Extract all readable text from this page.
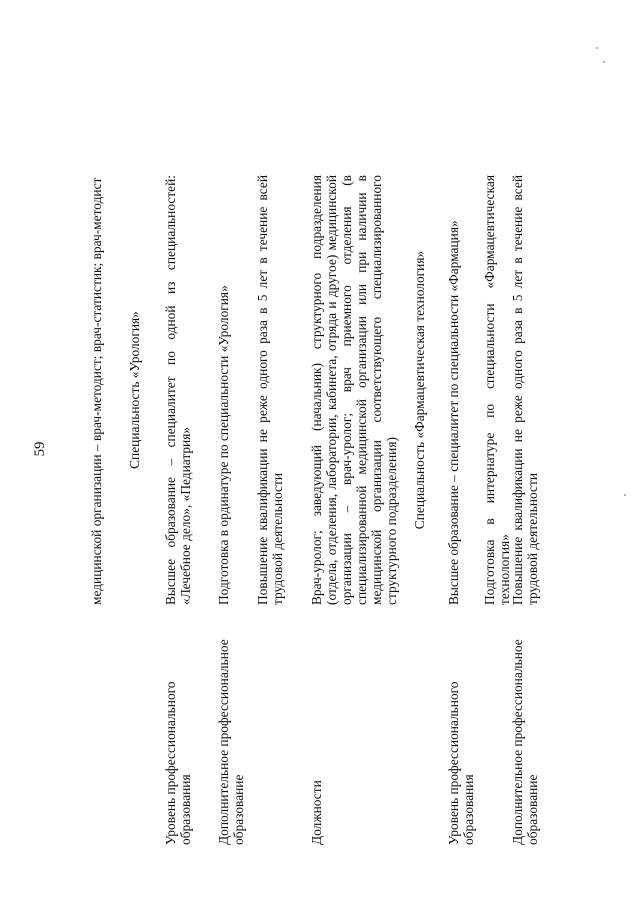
59	медицинской организации – врач-методист; врач-статистик; врач-методист Специальность «Урология»
Уровень профессионального образования
Высшее образование – специалитет по одной из специальностей: «Лечебное дело», «Педиатрия»
Дополнительное профессиональное образование
Подготовка в ординатуре по специальности «Урология» Повышение квалификации не реже одного раза в 5 лет в течение всей трудовой деятельности
Должности
Врач-уролог; заведующий (начальник) структурного подразделения (отдела, отделения, лаборатории, кабинета, отряда и другое) медицинской организации – врач-уролог; врач приемного отделения (в специализированной медицинской организации или при наличии в медицинской организации соответствующего специализированного структурного подразделения) Специальность «Фармацевтическая технология»
Уровень профессионального образования
Высшее образование – специалитет по специальности «Фармация»
Дополнительное профессиональное образование
Подготовка в интернатуре по специальности «Фармацевтическая технология»
Повышение квалификации не реже одного раза в 5 лет в течение всей трудовой деятельности
